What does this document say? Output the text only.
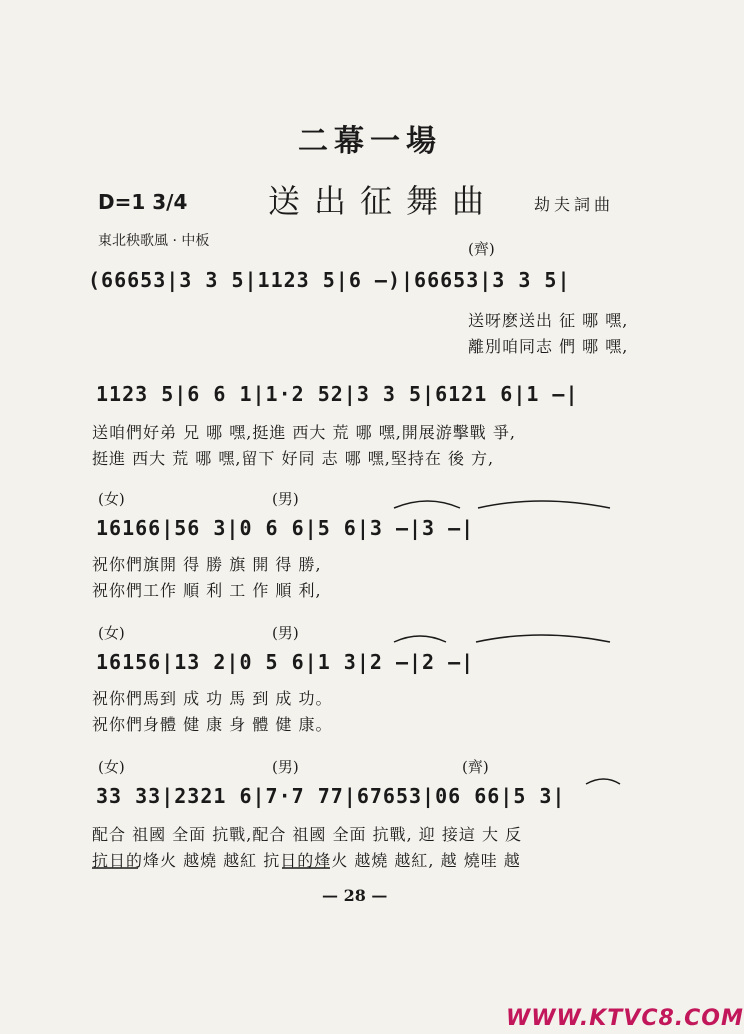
二幕一場
D=1 3/4	送出征舞曲 劫夫詞曲
東北秧歌風 · 中板	(齊)
(66653|3 3 5|1123 5|6 —)|66653|3 3 5|
送呀麽送出 征 哪 嘿,
離別咱同志 們 哪 嘿,
1123 5|6 6 1|1·2 52|3 3 5|6121 6|1 —|
送咱們好弟 兄 哪 嘿,挺進 西大 荒 哪 嘿,開展游擊戰 爭,
挺進 西大 荒 哪 嘿,留下 好同 志 哪 嘿,堅持在 後 方,
(女)	(男)
16166|56 3|0 6 6|5 6|3 —|3 —|
祝你們旗開 得 勝 旗 開 得 勝,
祝你們工作 順 利 工 作 順 利,
(女)	(男)
16156|13 2|0 5 6|1 3|2 —|2 —|
祝你們馬到 成 功 馬 到 成 功。
祝你們身體 健 康 身 體 健 康。
(女)	(男)	(齊)
33 33|2321 6|7·7 77|67653|06 66|5 3|
配合 祖國 全面 抗戰,配合 祖國 全面 抗戰, 迎 接這 大 反
抗日的烽火 越燒 越紅 抗日的烽火 越燒 越紅, 越 燒哇 越
— 28 —
WWW.KTVC8.COM
